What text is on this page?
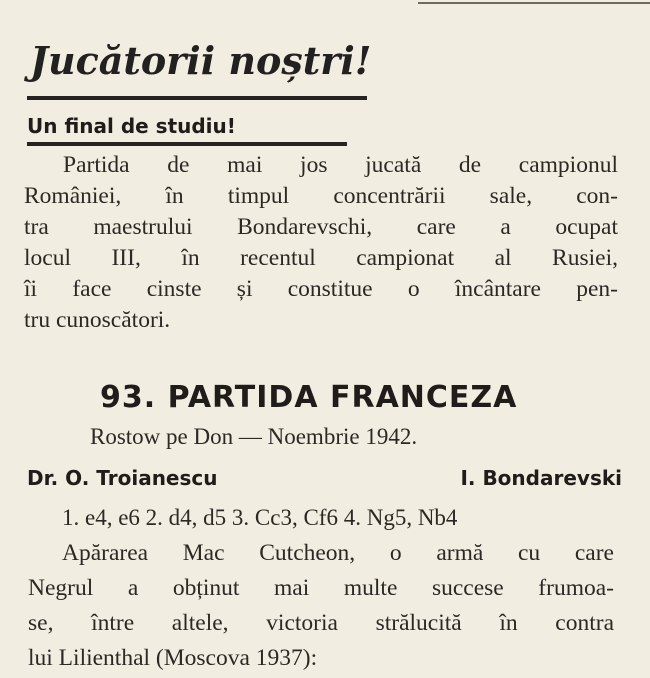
Jucătorii noștri!
Un final de studiu!
Partida de mai jos jucată de campionul
României, în timpul concentrării sale, con-
tra maestrului Bondarevschi, care a ocupat
locul III, în recentul campionat al Rusiei,
îi face cinste și constitue o încântare pen-
tru cunoscători.
93. PARTIDA FRANCEZA
Rostow pe Don — Noembrie 1942.
Dr. O. Troianescu	I. Bondarevski
1. e4, e6 2. d4, d5 3. Cc3, Cf6 4. Ng5, Nb4
Apărarea Mac Cutcheon, o armă cu care
Negrul a obținut mai multe succese frumoa-
se, între altele, victoria strălucită în contra
lui Lilienthal (Moscova 1937):
